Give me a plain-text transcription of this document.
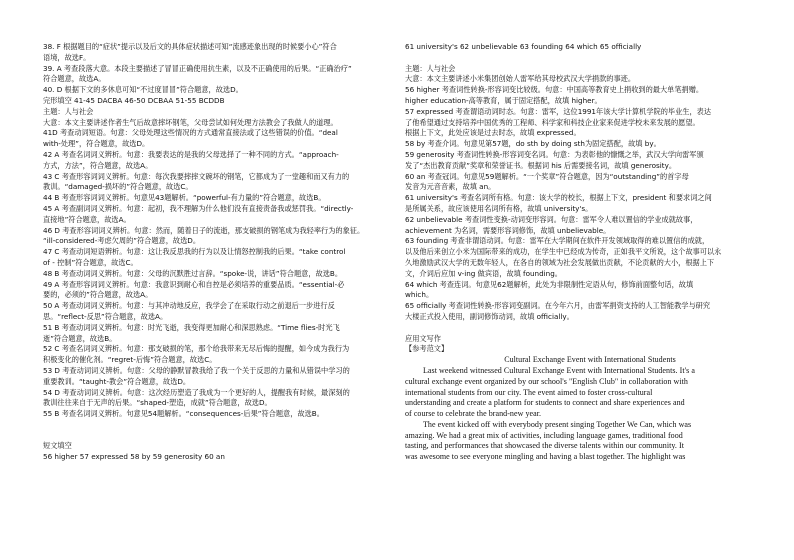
38. F 根据题目的“症状”提示以及后文的具体症状描述可知“流感迹象出现的时候要小心”符合
语境，故选F。
39. A 考查段落大意。本段主要描述了冒冒正确使用抗生素，以及不正确使用的后果。“正确治疗”
符合题意，故选A。
40. D 根据下文的多休息可知“不过度冒冒”符合题意，故选D。
完形填空 41-45 DACBA 46-50 DCBAA 51-55 BCDDB
主题：人与社会
大意：本文主要讲述作者生气后故意摔坏钢笔，父母尝试如何处理方法教会了我做人的道理。
41D 考查动词短语。句意：父母处理这些情况的方式通常直接法或了这些错误的价值。“deal
with-处理”，符合题意，故选D。
42 A 考查名词词义辨析。句意：我要表达的是我的父母选择了一种不同的方式。“approach-
方式，方法”，符合题意，故选A。
43 C 考查形容词词义辨析。句意：每次我要摔摔文碗坏的钢笔，它都成为了一堂趣和而又有力的
教训。“damaged-损坏的”符合题意，故选C。
44 B 考查形容词词义辨析。句意见43题解析。“powerful-有力量的”符合题意，故选B。
45 A 考查副词词义辨析。句意：起初，我不理解为什么他们没有直接责备我或惩罚我。“directly-
直接地”符合题意，故选A。
46 D 考查形容词词义辨析。句意：然而，随着日子的流逝，那支破损的钢笔成为我轻率行为的象征。
“ill-considered-考虑欠周的”符合题意，故选D。
47 C 考查动词短语辨析。句意：这让我反思我的行为以及让情怒控制我的后果。“take control
of - 控制”符合题意，故选C。
48 B 考查动词词义辨析。句意：父母的沉默胜过言辞。“spoke-说，讲话”符合题意，故选B。
49 A 考查形容词词义辨析。句意：我意识到耐心和自控是必须培养的重要品质。“essential-必
要的，必须的”符合题意，故选A。
50 A 考查动词词义辨析。句意：与其冲动地反应，我学会了在采取行动之前退后一步进行反
思。“reflect-反思”符合题意，故选A。
51 B 考查动词词义辨析。句意：时光飞逝，我变得更加耐心和深思熟虑。“Time flies-时光飞
逝”符合题意，故选B。
52 C 考查名词词义辨析。句意：那支破损的笔，那个给我带来无尽后悔的提醒，如今成为我行为
积极变化的催化剂。“regret-后悔”符合题意，故选C。
53 D 考查动词词义辨析。句意：父母的静默冒教我给了我一个关于反思的力量和从错误中学习的
重要教训。“taught-教会”符合题意，故选D。
54 D 考查动词词义辨析。句意：这次经历塑造了我成为一个更好的人，提醒我有时候，最深刻的
教训往往来自于无声的后果。“shaped-塑造，成就”符合题意，故选D。
55 B 考查名词词义辨析。句意见54题解析。“consequences-后果”符合题意，故选B。
短文填空
56 higher 57 expressed 58 by 59 generosity 60 an
61 university's 62 unbelievable 63 founding 64 which 65 officially
主题：人与社会
大意：本文主要讲述小米集团创始人雷军给其母校武汉大学捐款的事迹。
56 higher 考查词性转换-形容词变比较级。句意：中国高等教育史上捐收到的最大单笔捐赠。
higher education-高等教育，属于固定搭配，故填 higher。
57 expressed 考查谓语动词时态。句意：雷军，这位1991年该大学计算机学院的毕业生，表达
了他希望通过支持培养中国优秀的工程师、科学家和科技企业家来促进学校未来发展的愿望。
根据上下文，此处应该是过去时态，故填 expressed。
58 by 考查介词。句意见第57题，do sth by doing sth为固定搭配，故填 by。
59 generosity 考查词性转换-形容词变名词。句意：为表彰他的慷慨之举，武汉大学向雷军颁
发了“杰出教育贡献”奖章和荣誉证书。根据词 his 后需要接名词，故填 generosity。
60 an 考查冠词。句意见59题解析。“一个奖章”符合题意，因为“outstanding”的首字母
发音为元音音素，故填 an。
61 university's 考查名词所有格。句意：该大学的校长，根据上下文，president 和要求词之间
是所属关系，故应该使用名词所有格，故填 university's。
62 unbelievable 考查词性变换-动词变形容词。句意：雷军令人难以置信的学业成就故事，
achievement 为名词，需要形容词修饰，故填 unbelievable。
63 founding 考查非谓语动词。句意：雷军在大学期间在软件开发领域取得的难以置信的成就，
以及他后来创立小米为国际带来的成功，在学生中已经成为传奇，正如我平文所说，这个故事可以永
久地激励武汉大学的无数年轻人，在各自的领域为社会发展做出贡献，不论贡献的大小，根据上下
文，介词后应加 v-ing 做宾语，故填 founding。
64 which 考查连词。句意见62题解析，此处为非限制性定语从句，修饰前面整句话，故填
which。
65 officially 考查词性转换-形容词变副词。在今年六月，由雷军捐资支持的人工智能教学与研究
大楼正式投入使用，副词修饰动词，故填 officially。
应用文写作
【参考范文】
Cultural Exchange Event with International Students
Last weekend witnessed Cultural Exchange Event with International Students. It's a
cultural exchange event organized by our school's "English Club" in collaboration with
international students from our city. The event aimed to foster cross-cultural
understanding and create a platform for students to connect and share experiences and
of course to celebrate the brand-new year.
The event kicked off with everybody present singing Together We Can, which was
amazing. We had a great mix of activities, including language games, traditional food
tasting, and performances that showcased the diverse talents within our community. It
was awesome to see everyone mingling and having a blast together. The highlight was
